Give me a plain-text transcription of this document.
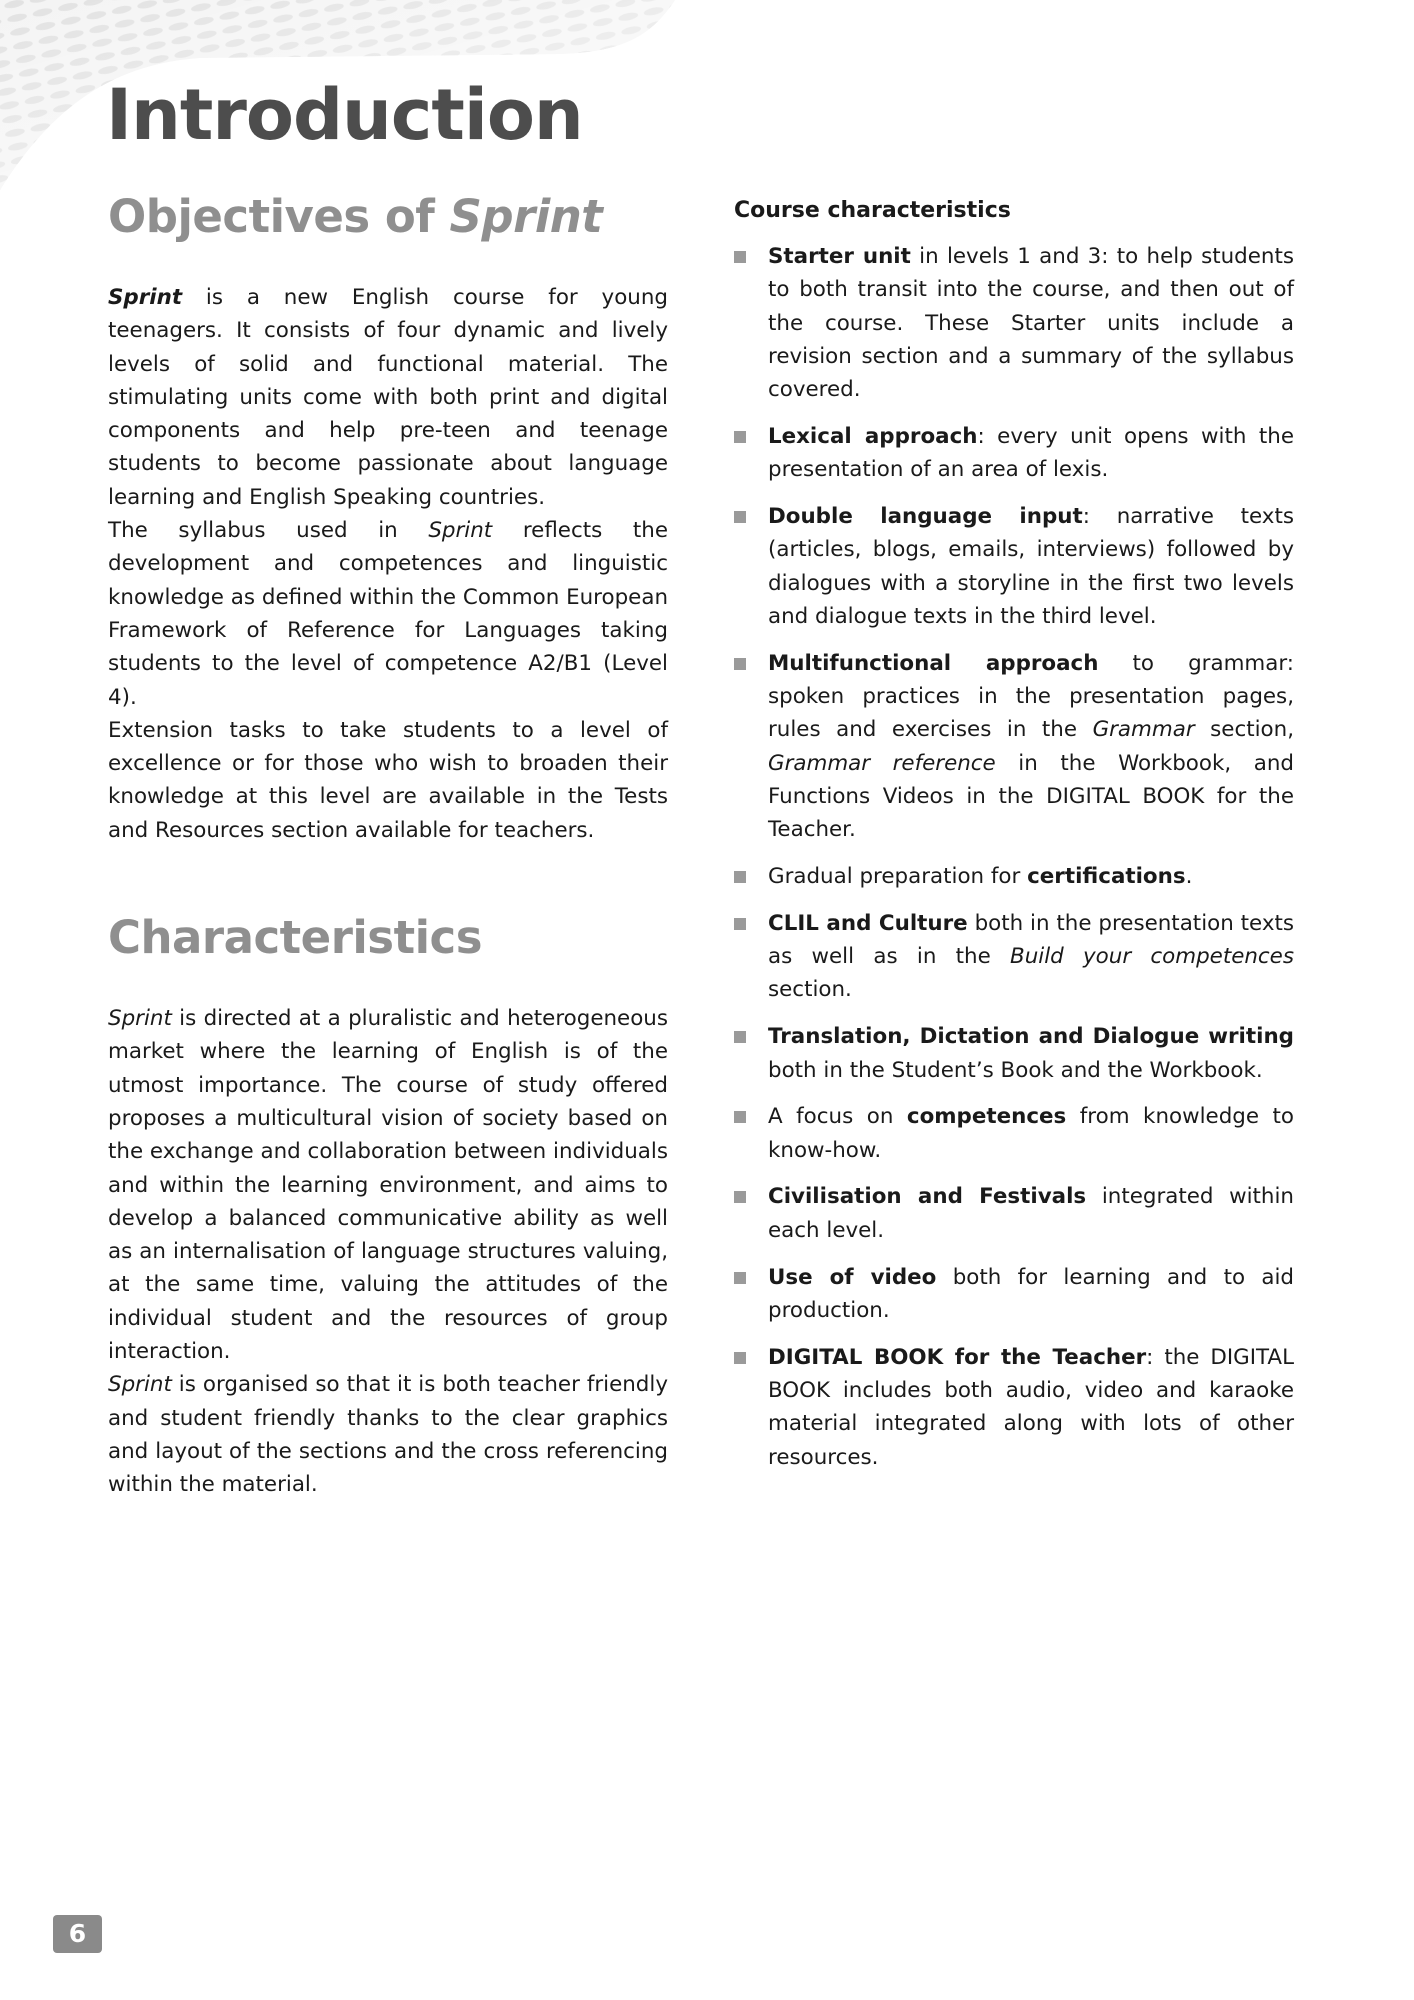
Introduction
Objectives of Sprint

Sprint is a new English course for young teenagers. It consists of four dynamic and lively levels of solid and functional material. The stimulating units come with both print and digital components and help pre-teen and teenage students to become passionate about language learning and English Speaking countries.

The syllabus used in Sprint reflects the development and competences and linguistic knowledge as defined within the Common European Framework of Reference for Languages taking students to the level of competence A2/B1 (Level 4).

Extension tasks to take students to a level of excellence or for those who wish to broaden their knowledge at this level are available in the Tests and Resources section available for teachers.

Characteristics

Sprint is directed at a pluralistic and heterogeneous market where the learning of English is of the utmost importance. The course of study offered proposes a multicultural vision of society based on the exchange and collaboration between individuals and within the learning environment, and aims to develop a balanced communicative ability as well as an internalisation of language structures valuing, at the same time, valuing the attitudes of the individual student and the resources of group interaction.

Sprint is organised so that it is both teacher friendly and student friendly thanks to the clear graphics and layout of the sections and the cross referencing within the material.

Course characteristics
Starter unit in levels 1 and 3: to help students to both transit into the course, and then out of the course. These Starter units include a revision section and a summary of the syllabus covered.
Lexical approach: every unit opens with the presentation of an area of lexis.
Double language input: narrative texts (articles, blogs, emails, interviews) followed by dialogues with a storyline in the first two levels and dialogue texts in the third level.
Multifunctional approach to grammar: spoken practices in the presentation pages, rules and exercises in the Grammar section, Grammar reference in the Workbook, and Functions Videos in the DIGITAL BOOK for the Teacher.
Gradual preparation for certifications.
CLIL and Culture both in the presentation texts as well as in the Build your competences section.
Translation, Dictation and Dialogue writing both in the Student’s Book and the Workbook.
A focus on competences from knowledge to know-how.
Civilisation and Festivals integrated within each level.
Use of video both for learning and to aid production.
DIGITAL BOOK for the Teacher: the DIGITAL BOOK includes both audio, video and karaoke material integrated along with lots of other resources.
6
